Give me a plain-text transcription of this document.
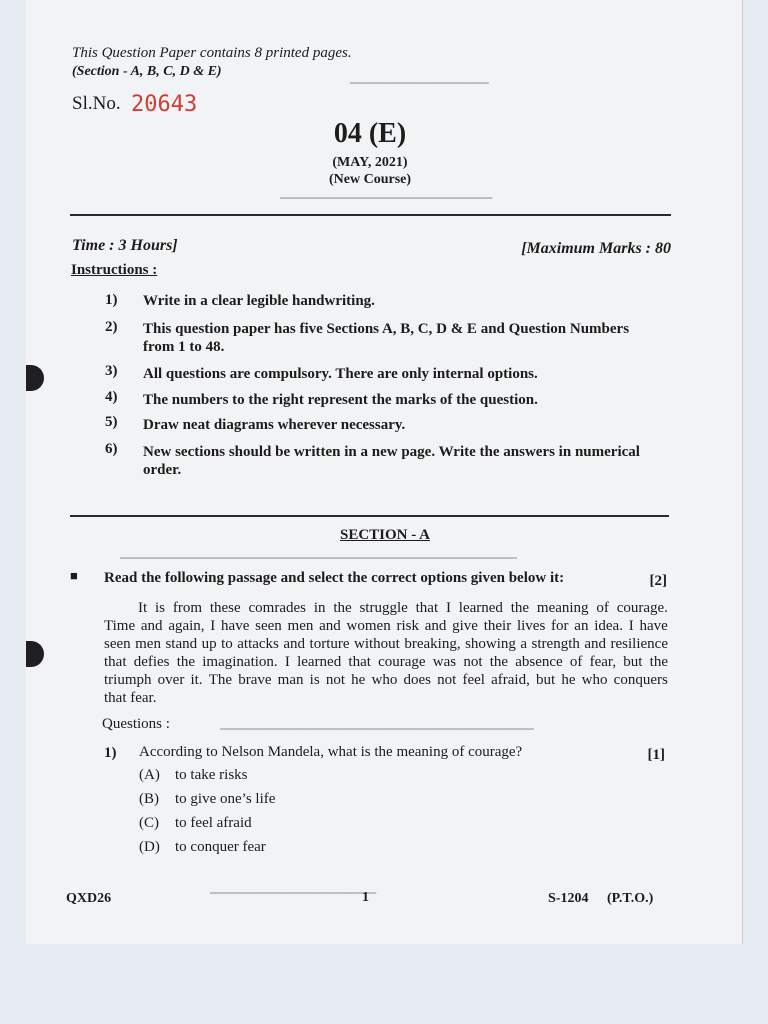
▁▁▁▁▁▁▁▁▁▁▁▁▁▁▁
▁▁▁▁▁▁▁▁▁▁▁▁▁▁▁▁▁▁▁▁▁▁▁
▁▁▁▁▁▁▁▁▁▁▁▁▁▁▁▁▁▁▁▁▁▁▁▁▁▁▁▁▁▁▁▁▁▁▁▁▁▁▁▁▁▁▁
▁▁▁▁▁▁▁▁▁▁▁▁▁▁▁▁▁▁▁▁▁▁▁▁▁▁▁▁▁▁▁▁▁▁
▁▁▁▁▁▁▁▁▁▁▁▁▁▁▁▁▁▁
This Question Paper contains 8 printed pages.
(Section - A, B, C, D & E)
Sl.No. 20643
04 (E)
(MAY, 2021)
(New Course)
Time : 3 Hours]	[Maximum Marks : 80
Instructions :
1)	Write in a clear legible handwriting.
2)	This question paper has five Sections A, B, C, D & E and Question Numbers
from 1 to 48.
3)	All questions are compulsory. There are only internal options.
4)	The numbers to the right represent the marks of the question.
5)	Draw neat diagrams wherever necessary.
6)	New sections should be written in a new page. Write the answers in numerical
order.
SECTION - A
■ Read the following passage and select the correct options given below it:	[2]
It is from these comrades in the struggle that I learned the meaning of courage.
Time and again, I have seen men and women risk and give their lives for an idea. I have
seen men stand up to attacks and torture without breaking, showing a strength and resilience
that defies the imagination. I learned that courage was not the absence of fear, but the
triumph over it. The brave man is not he who does not feel afraid, but he who conquers
that fear.
Questions :
1)	According to Nelson Mandela, what is the meaning of courage?	[1]
(A) to take risks
(B) to give one’s life
(C) to feel afraid
(D) to conquer fear
QXD26	1	S-1204 (P.T.O.)
